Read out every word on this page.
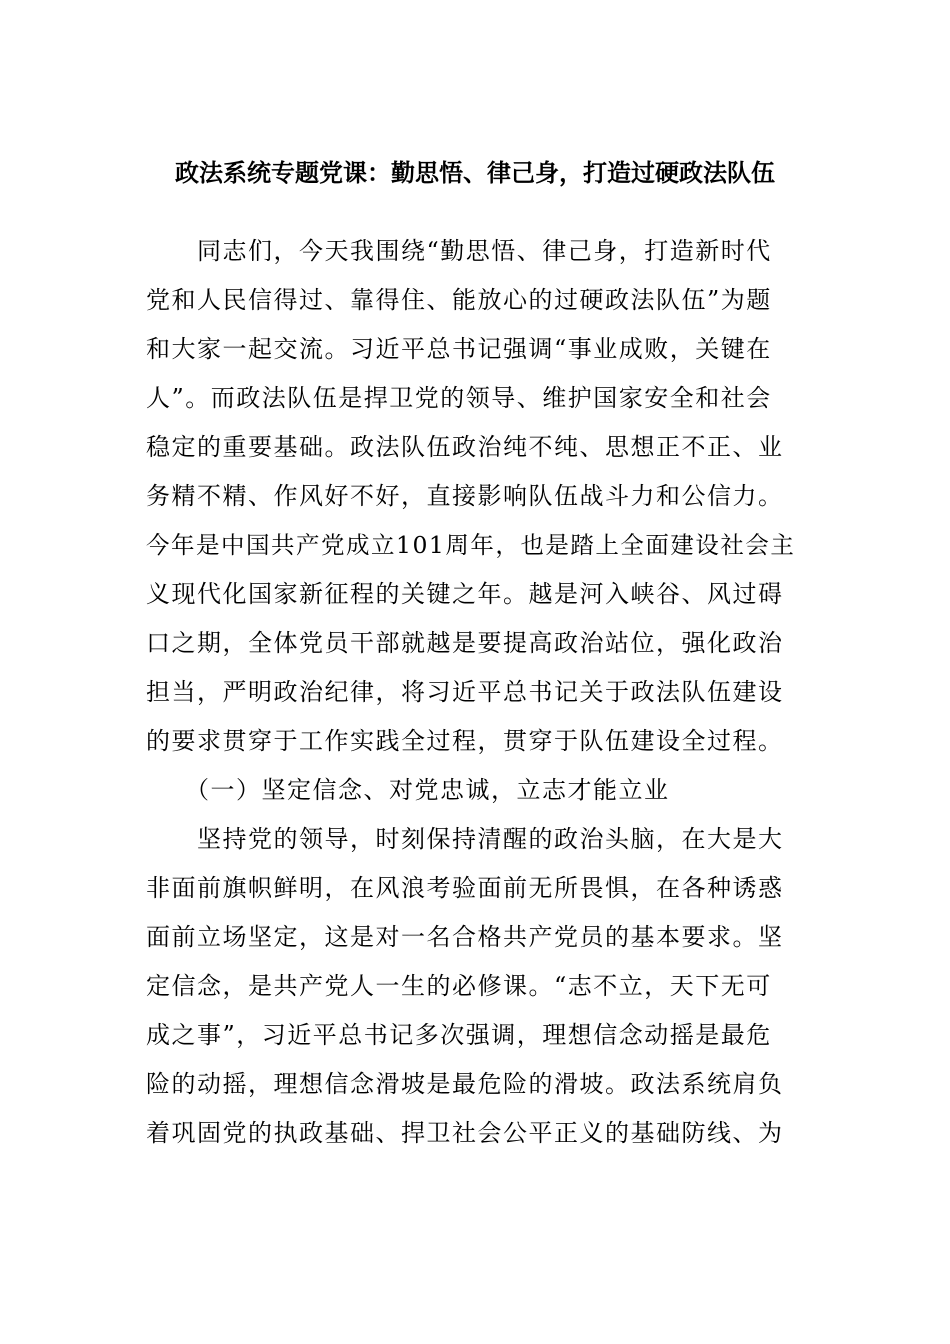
政法系统专题党课：勤思悟、律己身，打造过硬政法队伍
　　同志们，今天我围绕“勤思悟、律己身，打造新时代
党和人民信得过、靠得住、能放心的过硬政法队伍”为题
和大家一起交流。习近平总书记强调“事业成败，关键在
人”。而政法队伍是捍卫党的领导、维护国家安全和社会
稳定的重要基础。政法队伍政治纯不纯、思想正不正、业
务精不精、作风好不好，直接影响队伍战斗力和公信力。
今年是中国共产党成立101周年，也是踏上全面建设社会主
义现代化国家新征程的关键之年。越是河入峡谷、风过碍
口之期，全体党员干部就越是要提高政治站位，强化政治
担当，严明政治纪律，将习近平总书记关于政法队伍建设
的要求贯穿于工作实践全过程，贯穿于队伍建设全过程。
　　（一）坚定信念、对党忠诚，立志才能立业
　　坚持党的领导，时刻保持清醒的政治头脑，在大是大
非面前旗帜鲜明，在风浪考验面前无所畏惧，在各种诱惑
面前立场坚定，这是对一名合格共产党员的基本要求。坚
定信念，是共产党人一生的必修课。“志不立，天下无可
成之事”，习近平总书记多次强调，理想信念动摇是最危
险的动摇，理想信念滑坡是最危险的滑坡。政法系统肩负
着巩固党的执政基础、捍卫社会公平正义的基础防线、为
